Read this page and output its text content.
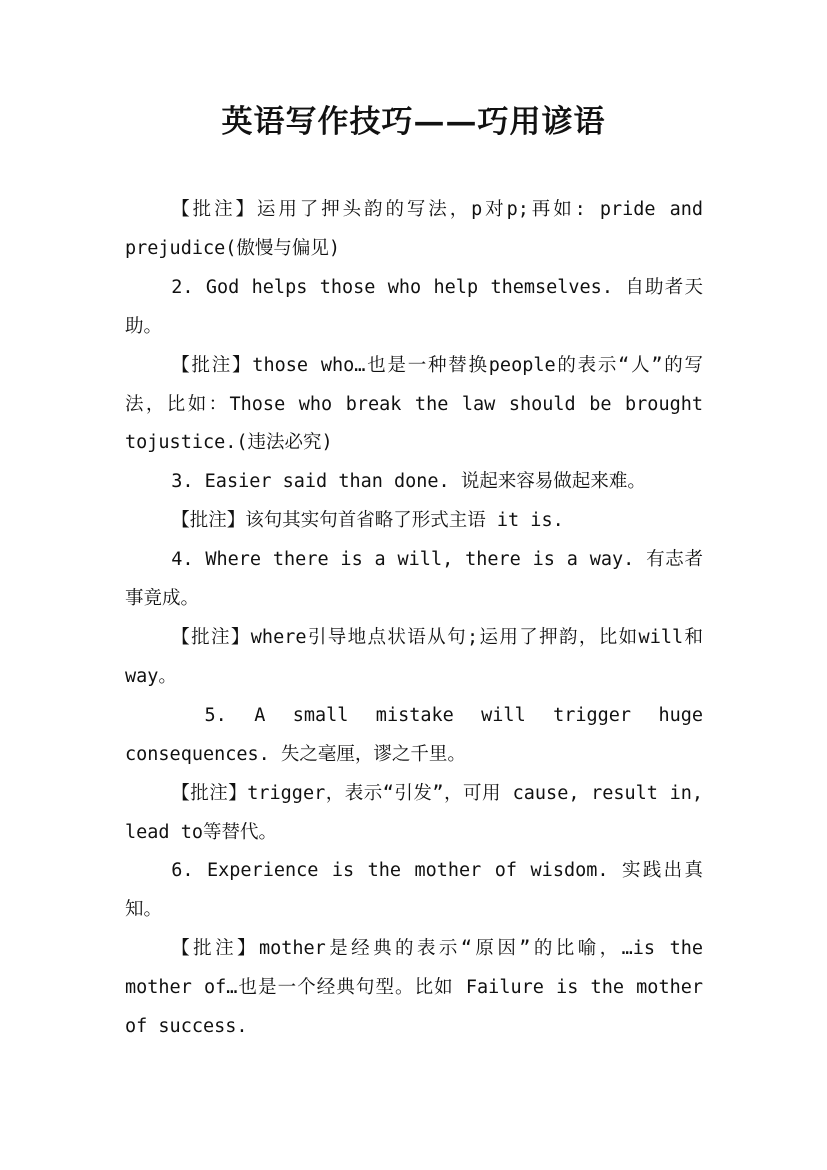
英语写作技巧——巧用谚语

【批注】运用了押头韵的写法，p对p;再如: pride and prejudice(傲慢与偏见)

2. God helps those who help themselves. 自助者天助。

【批注】those who…也是一种替换people的表示“人”的写法，比如：Those who break the law should be brought tojustice.(违法必究)

3. Easier said than done. 说起来容易做起来难。

【批注】该句其实句首省略了形式主语 it is.

4. Where there is a will, there is a way. 有志者事竟成。

【批注】where引导地点状语从句;运用了押韵，比如will和way。

5. A small mistake will trigger huge consequences. 失之毫厘，谬之千里。

【批注】trigger，表示“引发”，可用 cause, result in, lead to等替代。

6. Experience is the mother of wisdom. 实践出真知。

【批注】mother是经典的表示“原因”的比喻，…is the mother of…也是一个经典句型。比如 Failure is the mother of success.
